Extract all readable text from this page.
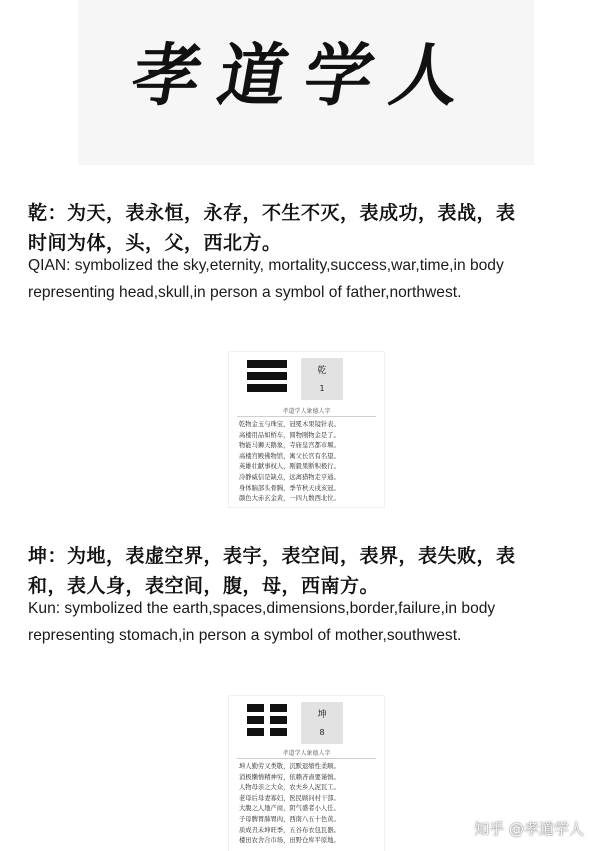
孝道学人
乾：为天，表永恒，永存，不生不灭，表成功，表战，表
时间为体，头，父，西北方。
QIAN: symbolized the sky,eternity, mortality,success,war,time,in body
representing head,skull,in person a symbol of father,northwest.
乾
1
孝道学人象德人字
乾物金玉与珠宝，冠冕木果镜针表。
高楼用品如桥车，圆物刚物金是了。
物能马狮天鹅象，寺庙皇宫都市堰。
高楼宫殿佛物馆，寓父长官有名望。
英雄壮献事权人，刚毅果断积极行。
冷静威信是缺点，远离猎物走亨通。
身体脑部头骨胸，季节秋天戌亥冠。
颜色大赤玄金黄，一四九数西北位。
坤：为地，表虚空界，表宇，表空间，表界，表失败，表
和，表人身，表空间，腹，母，西南方。
Kun: symbolized the earth,spaces,dimensions,border,failure,in body
representing stomach,in person a symbol of mother,southwest.
坤
8
孝道学人象德人字
坤人勤劳又类敬，沉默退缩性柔顺。
消极懒惰精神穷，依赖吝啬要谨慎。
人物母亲之大众，农夫乡人泥瓦工。
老母后母妻寡妇，医民顾问村干部。
大腹之人地产商，阴气盛者小人任。
子母脾胃肺胃肉，西南八五十色黄。
质成丑未坤旺季，五谷布衣包瓦器。
楼田农舍合市场，田野仓库平原地。
知乎 @孝道学人
